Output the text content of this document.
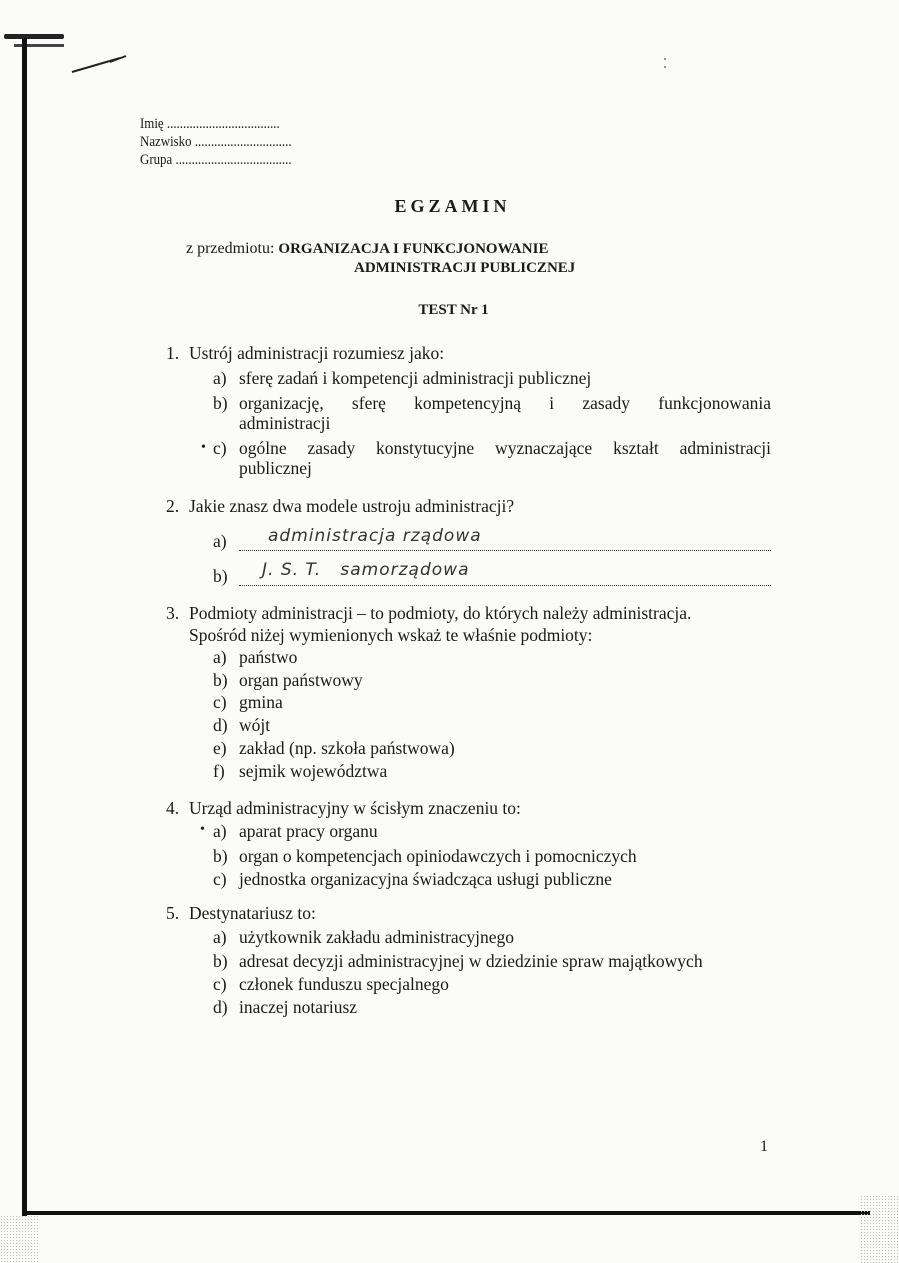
Imię ...................................
Nazwisko ..............................
Grupa ....................................
EGZAMIN
z przedmiotu: ORGANIZACJA I FUNKCJONOWANIE
ADMINISTRACJI PUBLICZNEJ
TEST Nr 1
1. Ustrój administracji rozumiesz jako:
a) sferę zadań i kompetencji administracji publicznej
b) organizację, sferę kompetencyjną i zasady funkcjonowania
administracji
• c) ogólne zasady konstytucyjne wyznaczające kształt administracji
publicznej
2. Jakie znasz dwa modele ustroju administracji?
a)	administracja rządowa
b)	J. S. T.   samorządowa
3. Podmioty administracji – to podmioty, do których należy administracja.
Spośród niżej wymienionych wskaż te właśnie podmioty:
a) państwo
b) organ państwowy
c) gmina
d) wójt
e) zakład (np. szkoła państwowa)
f) sejmik województwa
4. Urząd administracyjny w ścisłym znaczeniu to:
• a) aparat pracy organu
b) organ o kompetencjach opiniodawczych i pomocniczych
c) jednostka organizacyjna świadcząca usługi publiczne
5. Destynatariusz to:
a) użytkownik zakładu administracyjnego
b) adresat decyzji administracyjnej w dziedzinie spraw majątkowych
c) członek funduszu specjalnego
d) inaczej notariusz
1
